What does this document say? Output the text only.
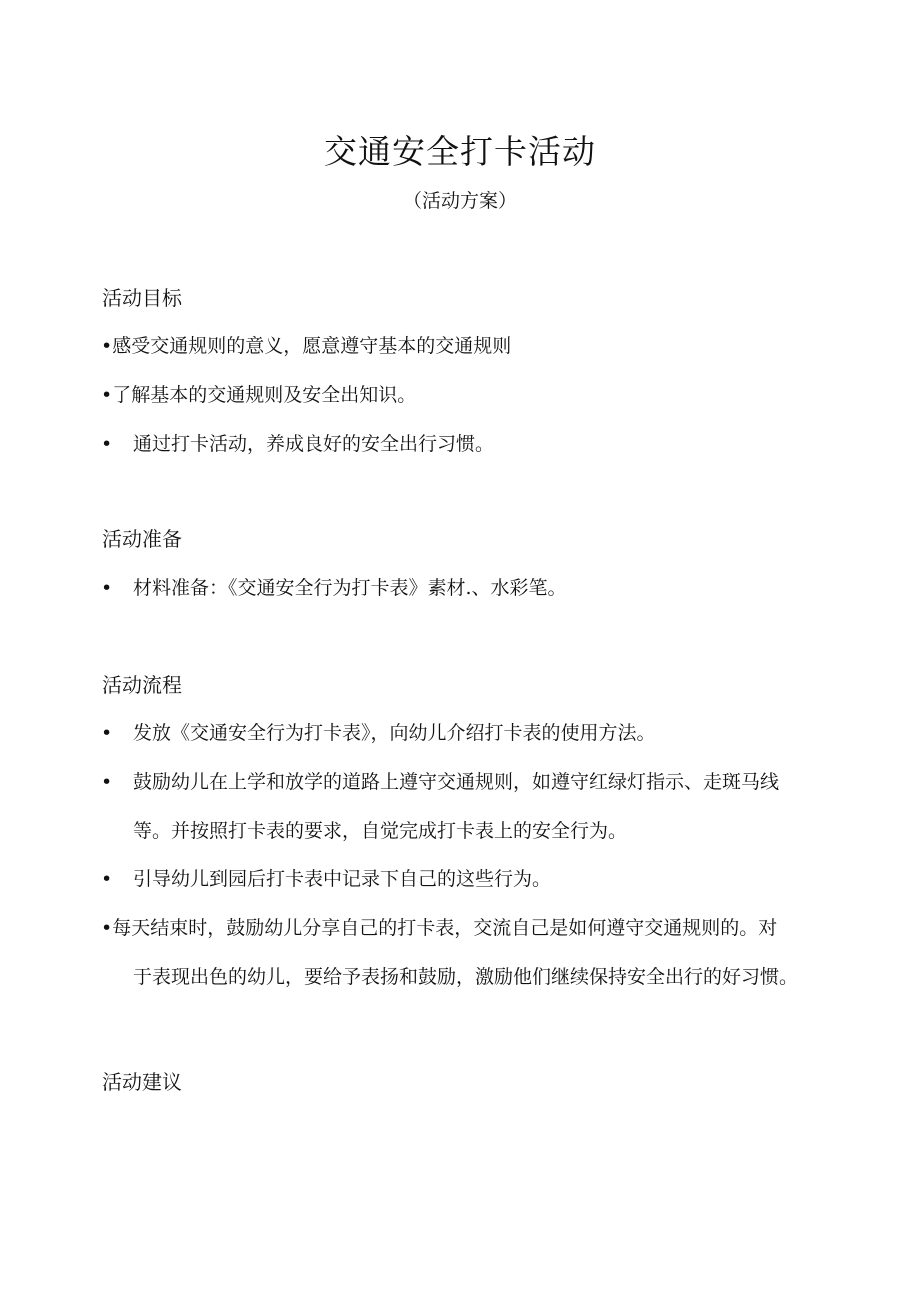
交通安全打卡活动
（活动方案）
活动目标
•感受交通规则的意义，愿意遵守基本的交通规则
•了解基本的交通规则及安全出知识。
• 通过打卡活动，养成良好的安全出行习惯。
活动准备
• 材料准备：《交通安全行为打卡表》素材.、水彩笔。
活动流程
• 发放《交通安全行为打卡表》，向幼儿介绍打卡表的使用方法。
• 鼓励幼儿在上学和放学的道路上遵守交通规则，如遵守红绿灯指示、走斑马线
等。并按照打卡表的要求，自觉完成打卡表上的安全行为。
• 引导幼儿到园后打卡表中记录下自己的这些行为。
•每天结束时，鼓励幼儿分享自己的打卡表，交流自己是如何遵守交通规则的。对
于表现出色的幼儿，要给予表扬和鼓励，激励他们继续保持安全出行的好习惯。
活动建议
